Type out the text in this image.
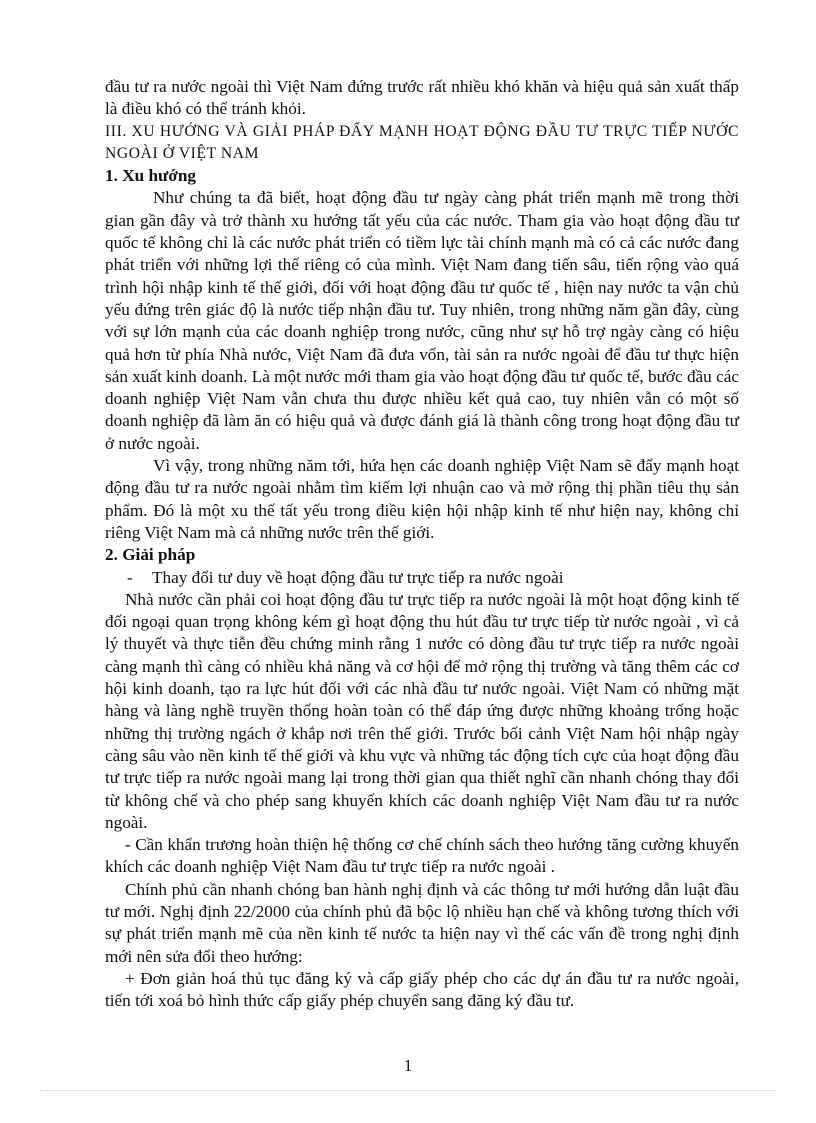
đầu tư ra nước ngoài thì Việt Nam đứng trước rất nhiều khó khăn và hiệu quả sản xuất thấp là điều khó có thể tránh khỏi.

III. XU HƯỚNG VÀ GIẢI PHÁP ĐẨY MẠNH HOẠT ĐỘNG ĐẦU TƯ TRỰC TIẾP NƯỚC NGOÀI Ở VIỆT NAM

1. Xu hướng

Như chúng ta đã biết, hoạt động đầu tư ngày càng phát triển mạnh mẽ trong thời gian gần đây và trở thành xu hướng tất yếu của các nước. Tham gia vào hoạt động đầu tư quốc tế không chỉ là các nước phát triển có tiềm lực tài chính mạnh mà có cả các nước đang phát triển với những lợi thế riêng có của mình. Việt Nam đang tiến sâu, tiến rộng vào quá trình hội nhập kinh tế thế giới, đối với hoạt động đầu tư quốc tế , hiện nay nước ta vận chủ yếu đứng trên giác độ là nước tiếp nhận đầu tư. Tuy nhiên, trong những năm gần đây, cùng với sự lớn mạnh của các doanh nghiệp trong nước, cũng như sự hỗ trợ ngày càng có hiệu quả hơn từ phía Nhà nước, Việt Nam đã đưa vốn, tài sản ra nước ngoài để đầu tư thực hiện sản xuất kinh doanh. Là một nước mới tham gia vào hoạt động đầu tư quốc tế, bước đầu các doanh nghiệp Việt Nam vẫn chưa thu được nhiều kết quả cao, tuy nhiên vẫn có một số doanh nghiệp đã làm ăn có hiệu quả và được đánh giá là thành công trong hoạt động đầu tư ở nước ngoài.

Vì vậy, trong những năm tới, hứa hẹn các doanh nghiệp Việt Nam sẽ đẩy mạnh hoạt động đầu tư ra nước ngoài nhằm tìm kiếm lợi nhuận cao và mở rộng thị phần tiêu thụ sản phẩm. Đó là một xu thế tất yếu trong điều kiện hội nhập kinh tế như hiện nay, không chỉ riêng Việt Nam mà cả những nước trên thế giới.

2. Giải pháp

- Thay đổi tư duy về hoạt động đầu tư trực tiếp ra nước ngoài

Nhà nước cần phải coi hoạt động đầu tư trực tiếp ra nước ngoài là một hoạt động kinh tế đối ngoại quan trọng không kém gì hoạt động thu hút đầu tư trực tiếp từ nước ngoài , vì cả lý thuyết và thực tiễn đều chứng minh rằng 1 nước có dòng đầu tư trực tiếp ra nước ngoài càng mạnh thì càng có nhiều khả năng và cơ hội để mở rộng thị trường và tăng thêm các cơ hội kinh doanh, tạo ra lực hút đối với các nhà đầu tư nước ngoài. Việt Nam có những mặt hàng và làng nghề truyền thống hoàn toàn có thể đáp ứng được những khoảng trống hoặc những thị trường ngách ở khắp nơi trên thế giới. Trước bối cảnh Việt Nam hội nhập ngày càng sâu vào nền kinh tế thế giới và khu vực và những tác động tích cực của hoạt động đầu tư trực tiếp ra nước ngoài mang lại trong thời gian qua thiết nghĩ cần nhanh chóng thay đổi từ không chế và cho phép sang khuyến khích các doanh nghiệp Việt Nam đầu tư ra nước ngoài.

- Cần khẩn trương hoàn thiện hệ thống cơ chế chính sách theo hướng tăng cường khuyến khích các doanh nghiệp Việt Nam đầu tư trực tiếp ra nước ngoài .

Chính phủ cần nhanh chóng ban hành nghị định và các thông tư mới hướng dẫn luật đầu tư mới. Nghị định 22/2000 của chính phủ đã bộc lộ nhiều hạn chế và không tương thích với sự phát triển mạnh mẽ của nền kinh tế nước ta hiện nay vì thế các vấn đề trong nghị định mới nên sửa đổi theo hướng:

+ Đơn giản hoá thủ tục đăng ký và cấp giấy phép cho các dự án đầu tư ra nước ngoài, tiến tới xoá bỏ hình thức cấp giấy phép chuyển sang đăng ký đầu tư.

1
